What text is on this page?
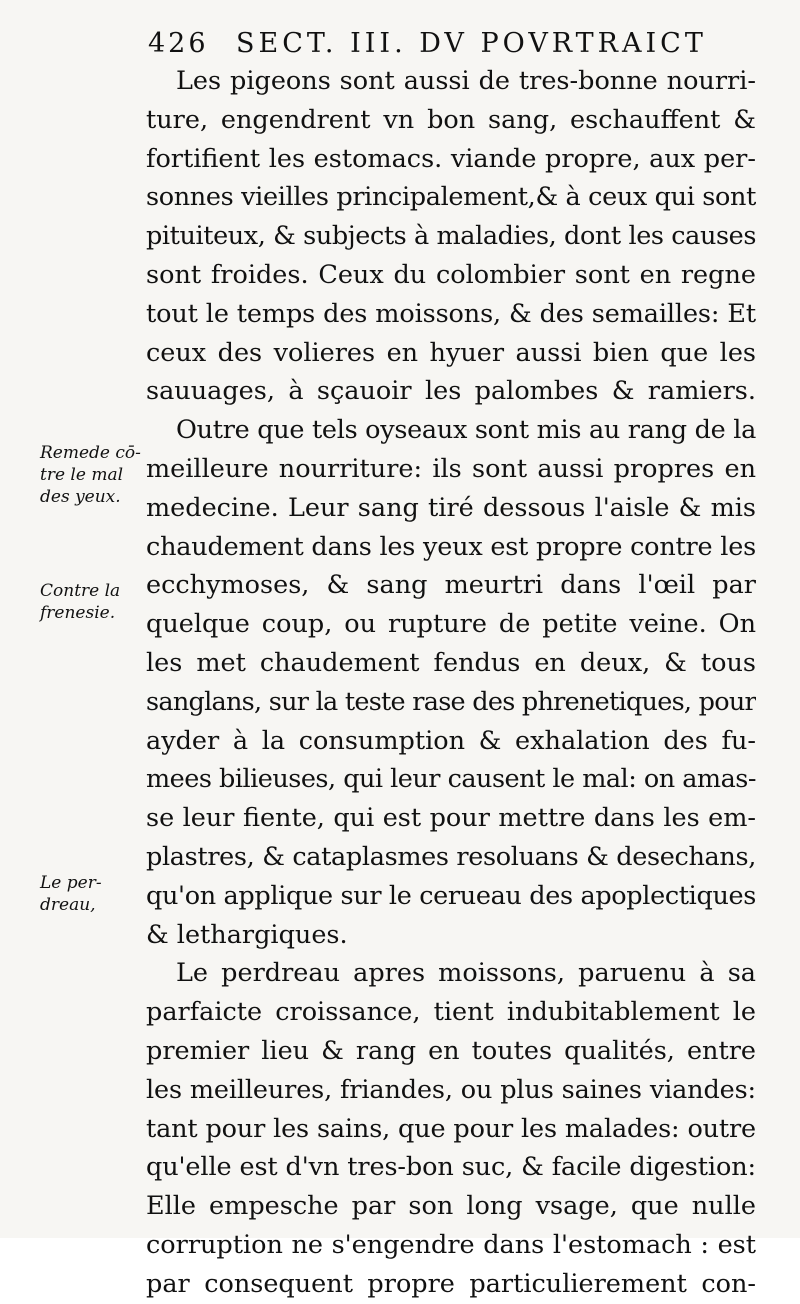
426 SECT. III. DV POVRTRAICT
Les pigeons sont aussi de tres-bonne nourri-
ture, engendrent vn bon sang, eschauffent &
fortifient les estomacs. viande propre, aux per-
sonnes vieilles principalement,& à ceux qui sont
pituiteux, & subjects à maladies, dont les causes
sont froides. Ceux du colombier sont en regne
tout le temps des moissons, & des semailles: Et
ceux des volieres en hyuer aussi bien que les
sauuages, à sçauoir les palombes & ramiers.
Outre que tels oyseaux sont mis au rang de la
meilleure nourriture: ils sont aussi propres en
medecine. Leur sang tiré dessous l'aisle & mis
chaudement dans les yeux est propre contre les
ecchymoses, & sang meurtri dans l'œil par
quelque coup, ou rupture de petite veine. On
les met chaudement fendus en deux, & tous
sanglans, sur la teste rase des phrenetiques, pour
ayder à la consumption & exhalation des fu-
mees bilieuses, qui leur causent le mal: on amas-
se leur fiente, qui est pour mettre dans les em-
plastres, & cataplasmes resoluans & desechans,
qu'on applique sur le cerueau des apoplectiques
& lethargiques.
Le perdreau apres moissons, paruenu à sa
parfaicte croissance, tient indubitablement le
premier lieu & rang en toutes qualités, entre
les meilleures, friandes, ou plus saines viandes:
tant pour les sains, que pour les malades: outre
qu'elle est d'vn tres-bon suc, & facile digestion:
Elle empesche par son long vsage, que nulle
corruption ne s'engendre dans l'estomach : est
par consequent propre particulierement con-
Remede cō-
tre le mal
des yeux.
Contre la
frenesie.
Le per-
dreau,
